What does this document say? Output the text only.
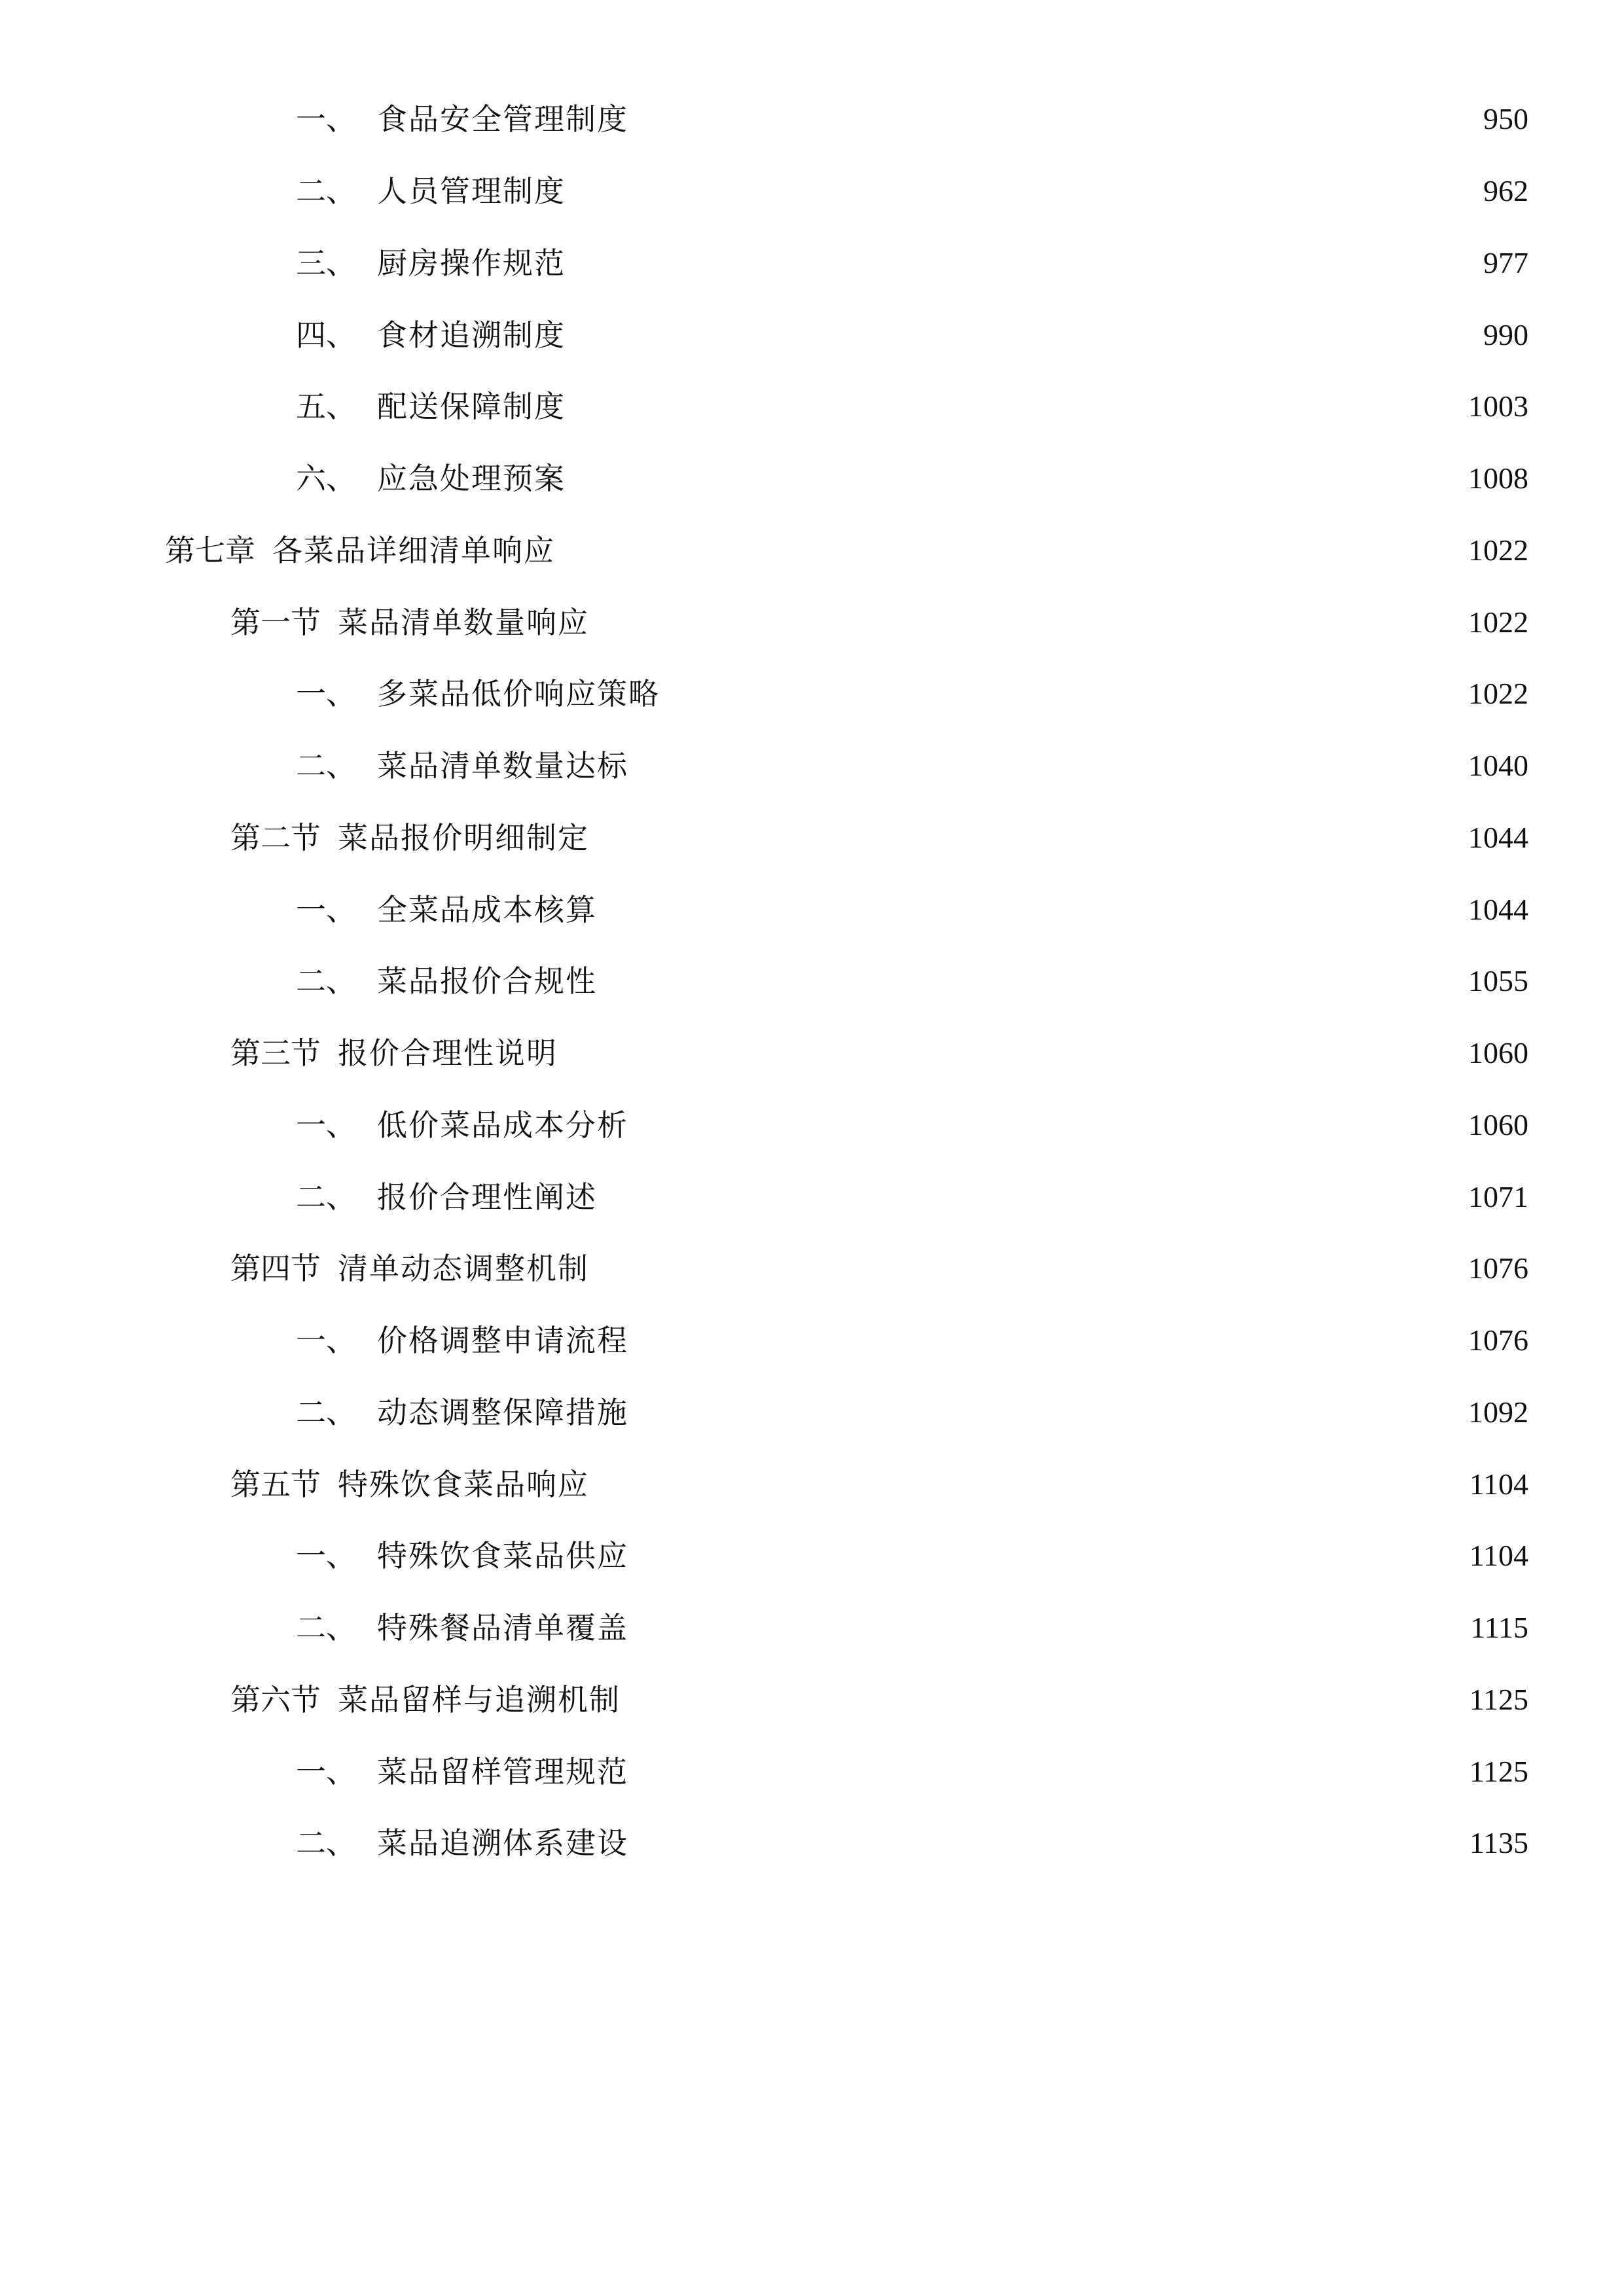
一、 食品安全管理制度	950
二、 人员管理制度	962
三、 厨房操作规范	977
四、 食材追溯制度	990
五、 配送保障制度	1003
六、 应急处理预案	1008
第七章 各菜品详细清单响应	1022
第一节 菜品清单数量响应	1022
一、 多菜品低价响应策略	1022
二、 菜品清单数量达标	1040
第二节 菜品报价明细制定	1044
一、 全菜品成本核算	1044
二、 菜品报价合规性	1055
第三节 报价合理性说明	1060
一、 低价菜品成本分析	1060
二、 报价合理性阐述	1071
第四节 清单动态调整机制	1076
一、 价格调整申请流程	1076
二、 动态调整保障措施	1092
第五节 特殊饮食菜品响应	1104
一、 特殊饮食菜品供应	1104
二、 特殊餐品清单覆盖	1115
第六节 菜品留样与追溯机制	1125
一、 菜品留样管理规范	1125
二、 菜品追溯体系建设	1135
